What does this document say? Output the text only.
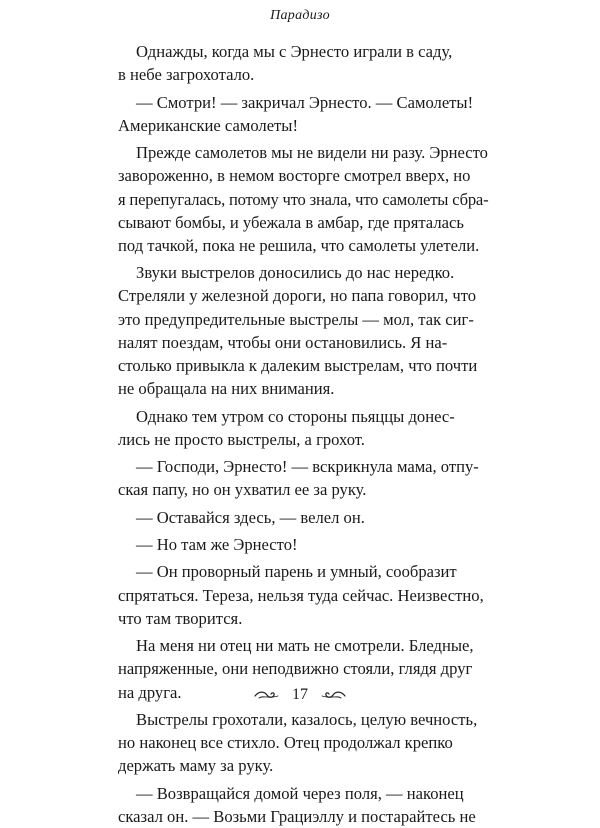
Парадизо
Однажды, когда мы с Эрнесто играли в саду,
в небе загрохотало.
— Смотри! — закричал Эрнесто. — Самолеты!
Американские самолеты!
Прежде самолетов мы не видели ни разу. Эрнесто
завороженно, в немом восторге смотрел вверх, но
я перепугалась, потому что знала, что самолеты сбра-
сывают бомбы, и убежала в амбар, где пряталась
под тачкой, пока не решила, что самолеты улетели.
Звуки выстрелов доносились до нас нередко.
Стреляли у железной дороги, но папа говорил, что
это предупредительные выстрелы — мол, так сиг-
налят поездам, чтобы они остановились. Я на-
столько привыкла к далеким выстрелам, что почти
не обращала на них внимания.
Однако тем утром со стороны пьяццы донес-
лись не просто выстрелы, а грохот.
— Господи, Эрнесто! — вскрикнула мама, отпу-
ская папу, но он ухватил ее за руку.
— Оставайся здесь, — велел он.
— Но там же Эрнесто!
— Он проворный парень и умный, сообразит
спрятаться. Тереза, нельзя туда сейчас. Неизвестно,
что там творится.
На меня ни отец ни мать не смотрели. Бледные,
напряженные, они неподвижно стояли, глядя друг
на друга.
Выстрелы грохотали, казалось, целую вечность,
но наконец все стихло. Отец продолжал крепко
держать маму за руку.
— Возвращайся домой через поля, — наконец
сказал он. — Возьми Грациэллу и постарайтесь не
17
